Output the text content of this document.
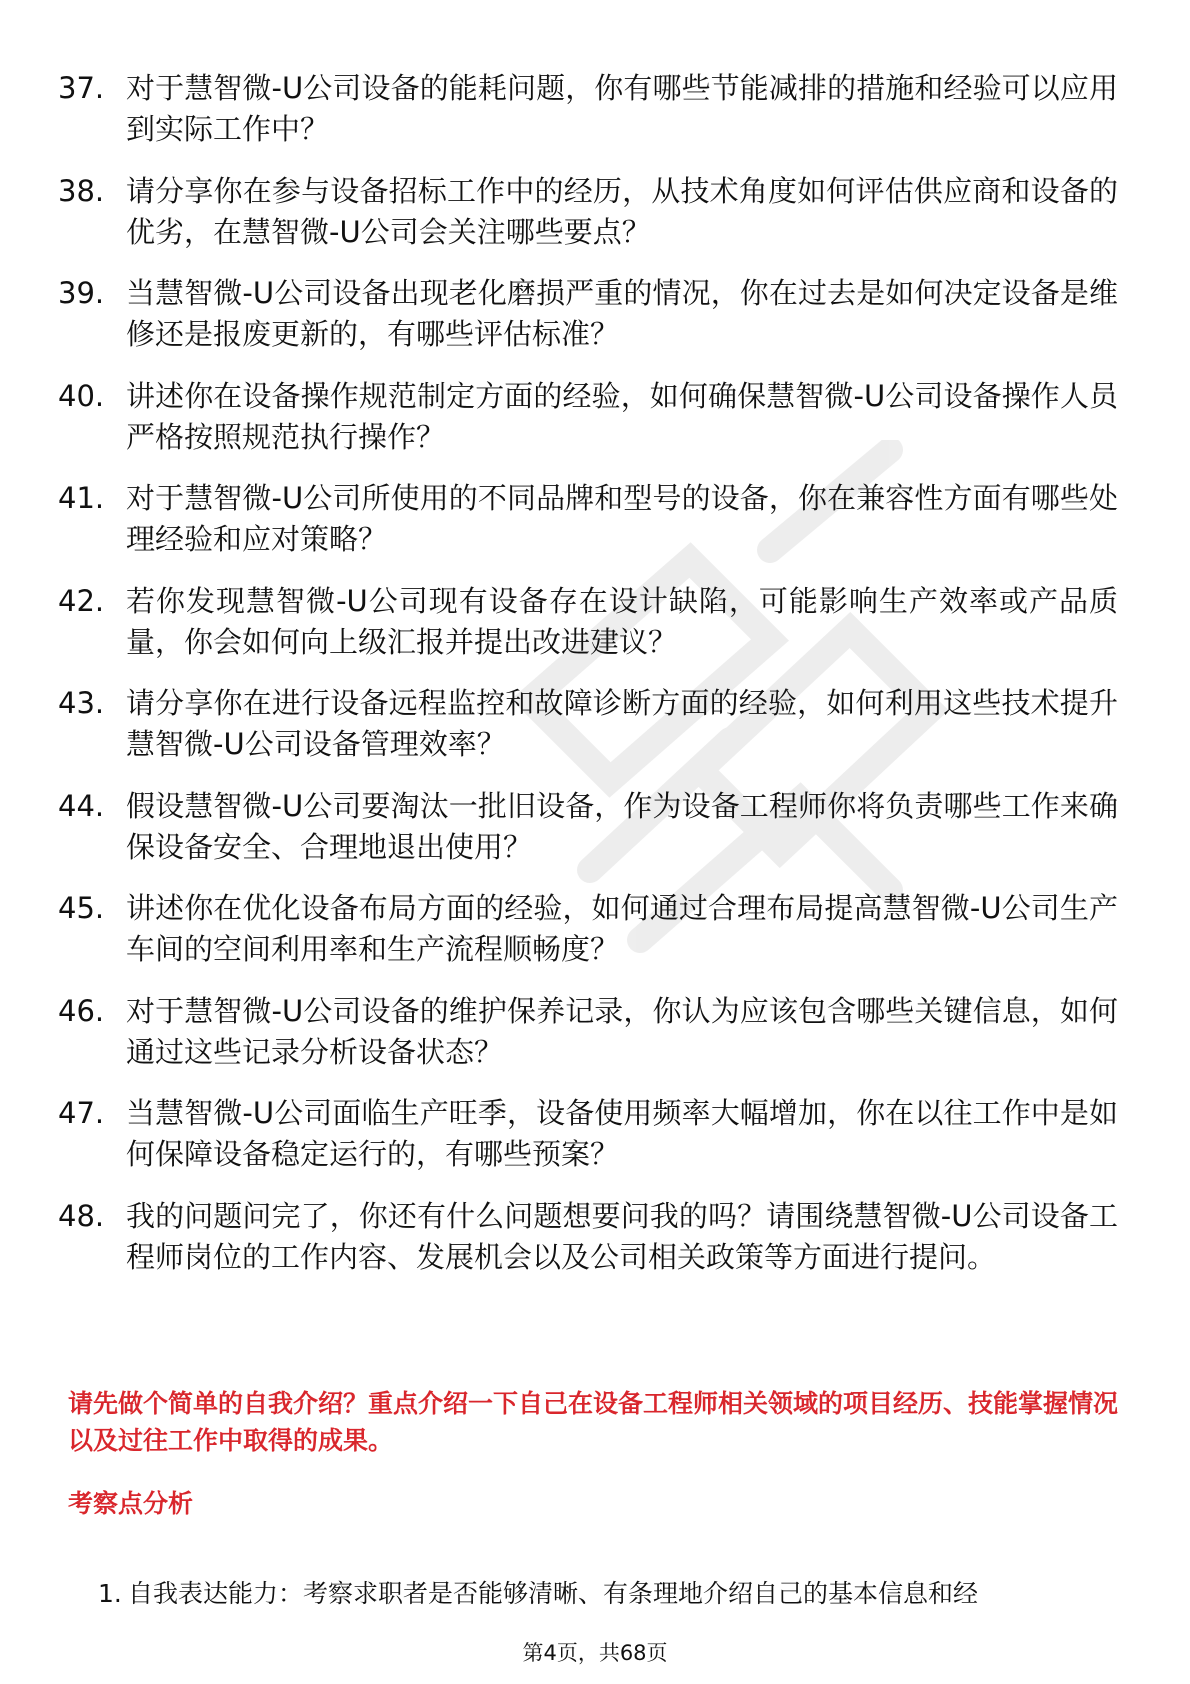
37. 对于慧智微-U公司设备的能耗问题，你有哪些节能减排的措施和经验可以应用到实际工作中？
38. 请分享你在参与设备招标工作中的经历，从技术角度如何评估供应商和设备的优劣，在慧智微-U公司会关注哪些要点？
39. 当慧智微-U公司设备出现老化磨损严重的情况，你在过去是如何决定设备是维修还是报废更新的，有哪些评估标准？
40. 讲述你在设备操作规范制定方面的经验，如何确保慧智微-U公司设备操作人员严格按照规范执行操作？
41. 对于慧智微-U公司所使用的不同品牌和型号的设备，你在兼容性方面有哪些处理经验和应对策略？
42. 若你发现慧智微-U公司现有设备存在设计缺陷，可能影响生产效率或产品质量，你会如何向上级汇报并提出改进建议？
43. 请分享你在进行设备远程监控和故障诊断方面的经验，如何利用这些技术提升慧智微-U公司设备管理效率？
44. 假设慧智微-U公司要淘汰一批旧设备，作为设备工程师你将负责哪些工作来确保设备安全、合理地退出使用？
45. 讲述你在优化设备布局方面的经验，如何通过合理布局提高慧智微-U公司生产车间的空间利用率和生产流程顺畅度？
46. 对于慧智微-U公司设备的维护保养记录，你认为应该包含哪些关键信息，如何通过这些记录分析设备状态？
47. 当慧智微-U公司面临生产旺季，设备使用频率大幅增加，你在以往工作中是如何保障设备稳定运行的，有哪些预案？
48. 我的问题问完了，你还有什么问题想要问我的吗？请围绕慧智微-U公司设备工程师岗位的工作内容、发展机会以及公司相关政策等方面进行提问。
请先做个简单的自我介绍？重点介绍一下自己在设备工程师相关领域的项目经历、技能掌握情况以及过往工作中取得的成果。
考察点分析
1. 自我表达能力：考察求职者是否能够清晰、有条理地介绍自己的基本信息和经
第4页，共68页
